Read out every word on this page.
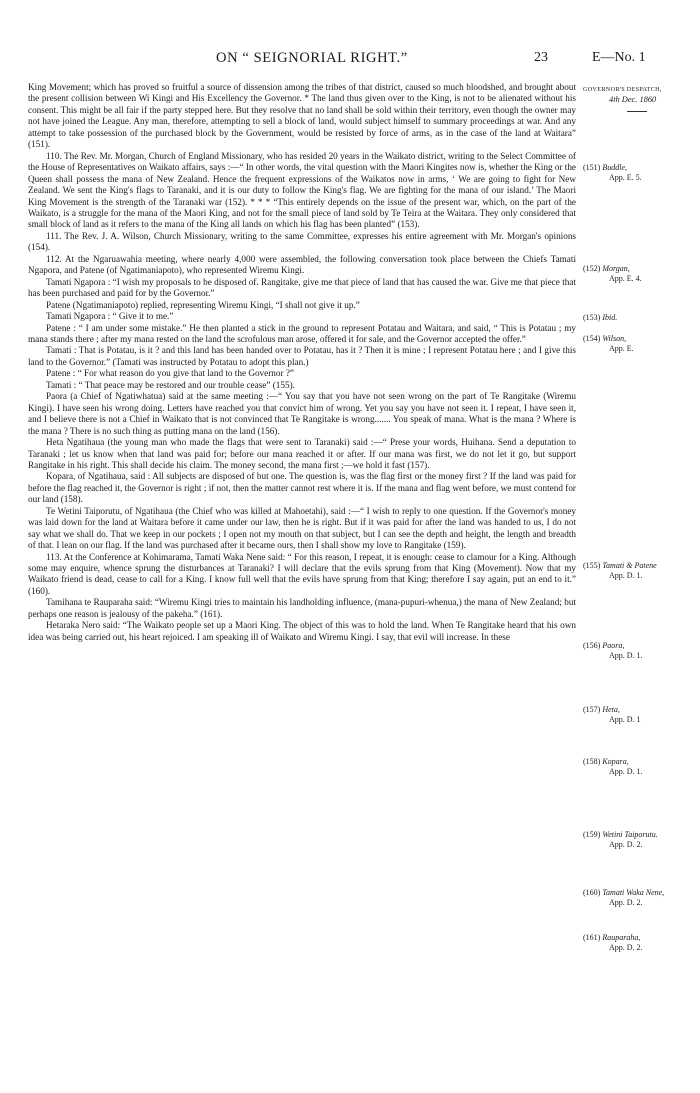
ON “ SEIGNORIAL RIGHT.”	23	E—No. 1

King Movement; which has proved so fruitful a source of dissension among the tribes of that district, caused so much bloodshed, and brought about the present collision between Wi Kingi and His Excellency the Governor. * The land thus given over to the King, is not to be alienated without his consent. This might be all fair if the party stepped here. But they resolve that no land shall be sold within their territory, even though the owner may not have joined the League. Any man, therefore, attempting to sell a block of land, would subject himself to summary proceedings at war. And any attempt to take possession of the purchased block by the Government, would be resisted by force of arms, as in the case of the land at Waitara” (151).

110. The Rev. Mr. Morgan, Church of England Missionary, who has resided 20 years in the Waikato district, writing to the Select Committee of the House of Representatives on Waikato affairs, says :—“ In other words, the vital question with the Maori Kingites now is, whether the King or the Queen shall possess the mana of New Zealand. Hence the frequent expressions of the Waikatos now in arms, ‘ We are going to fight for New Zealand. We sent the King's flags to Taranaki, and it is our duty to follow the King's flag. We are fighting for the mana of our island.’ The Maori King Movement is the strength of the Taranaki war (152). * * * “This entirely depends on the issue of the present war, which, on the part of the Waikato, is a struggle for the mana of the Maori King, and not for the small piece of land sold by Te Teira at the Waitara. They only considered that small block of land as it refers to the mana of the King all lands on which his flag has been planted” (153).

111. The Rev. J. A. Wilson, Church Missionary, writing to the same Committee, expresses his entire agreement with Mr. Morgan's opinions (154).

112. At the Ngaruawahia meeting, where nearly 4,000 were assembled, the following conversation took place between the Chiefs Tamati Ngapora, and Patene (of Ngatimaniapoto), who represented Wiremu Kingi.

Tamati Ngapora : “I wish my proposals to be disposed of. Rangitake, give me that piece of land that has caused the war. Give me that piece that has been purchased and paid for by the Governor.”

Patene (Ngatimaniapoto) replied, representing Wiremu Kingi, “I shall not give it up.”

Tamati Ngapora : “ Give it to me.”

Patene : “ I am under some mistake.” He then planted a stick in the ground to represent Potatau and Waitara, and said, “ This is Potatau ; my mana stands there ; after my mana rested on the land the scrofulous man arose, offered it for sale, and the Governor accepted the offer.”

Tamati : That is Potatau, is it ? and this land has been handed over to Potatau, has it ? Then it is mine ; I represent Potatau here ; and I give this land to the Governor.” (Tamati was instructed by Potatau to adopt this plan.)

Patene : “ For what reason do you give that land to the Governor ?”

Tamati : “ That peace may be restored and our trouble cease” (155).

Paora (a Chief of Ngatiwhatua) said at the same meeting :—“ You say that you have not seen wrong on the part of Te Rangitake (Wiremu Kingi). I have seen his wrong doing. Letters have reached you that convict him of wrong. Yet you say you have not seen it. I repeat, I have seen it, and I believe there is not a Chief in Waikato that is not convinced that Te Rangitake is wrong....... You speak of mana. What is the mana ? Where is the mana ? There is no such thing as putting mana on the land (156).

Heta Ngatihaua (the young man who made the flags that were sent to Taranaki) said :—“ Prese your words, Huihana. Send a deputation to Taranaki ; let us know when that land was paid for; before our mana reached it or after. If our mana was first, we do not let it go, but support Rangitake in his right. This shall decide his claim. The money second, the mana first ;—we hold it fast (157).

Kopara, of Ngatihaua, said : All subjects are disposed of but one. The question is, was the flag first or the money first ? If the land was paid for before the flag reached it, the Governor is right ; if not, then the matter cannot rest where it is. If the mana and flag went before, we must contend for our land (158).

Te Wetini Taiporutu, of Ngatihaua (the Chief who was killed at Mahoetahi), said :—“ I wish to reply to one question. If the Governor's money was laid down for the land at Waitara before it came under our law, then he is right. But if it was paid for after the land was handed to us, I do not say what we shall do. That we keep in our pockets ; I open not my mouth on that subject, but I can see the depth and height, the length and breadth of that. I lean on our flag. If the land was purchased after it became ours, then I shall show my love to Rangitake (159).

113. At the Conference at Kohimarama, Tamati Waka Nene said: “ For this reason, I repeat, it is enough: cease to clamour for a King. Although some may enquire, whence sprung the disturbances at Taranaki? I will declare that the evils sprung from that King (Movement). Now that my Waikato friend is dead, cease to call for a King. I know full well that the evils have sprung from that King; therefore I say again, put an end to it.” (160).

Tamihana te Rauparaha said: “Wiremu Kingi tries to maintain his landholding influence, (mana-pupuri-whenua,) the mana of New Zealand; but perhaps one reason is jealousy of the pakeha.” (161).

Hetaraka Nero said: “The Waikato people set up a Maori King. The object of this was to hold the land. When Te Rangitake heard that his own idea was being carried out, his heart rejoiced. I am speaking ill of Waikato and Wiremu Kingi. I say, that evil will increase. In these

GOVERNOR'S DESPATCH,
4th Dec. 1860
(151) Buddle,
App. E. 5.
(152) Morgan,
App. E. 4.
(153) Ibid.
(154) Wilson,
App. E.
(155) Tamati & Patene
App. D. 1.
(156) Paora,
App. D. 1.
(157) Heta,
App. D. 1
(158) Kopara,
App. D. 1.
(159) Wetini Taiporutu.
App. D. 2.
(160) Tamati Waka Nene,
App. D. 2.
(161) Rauparaha,
App. D. 2.
